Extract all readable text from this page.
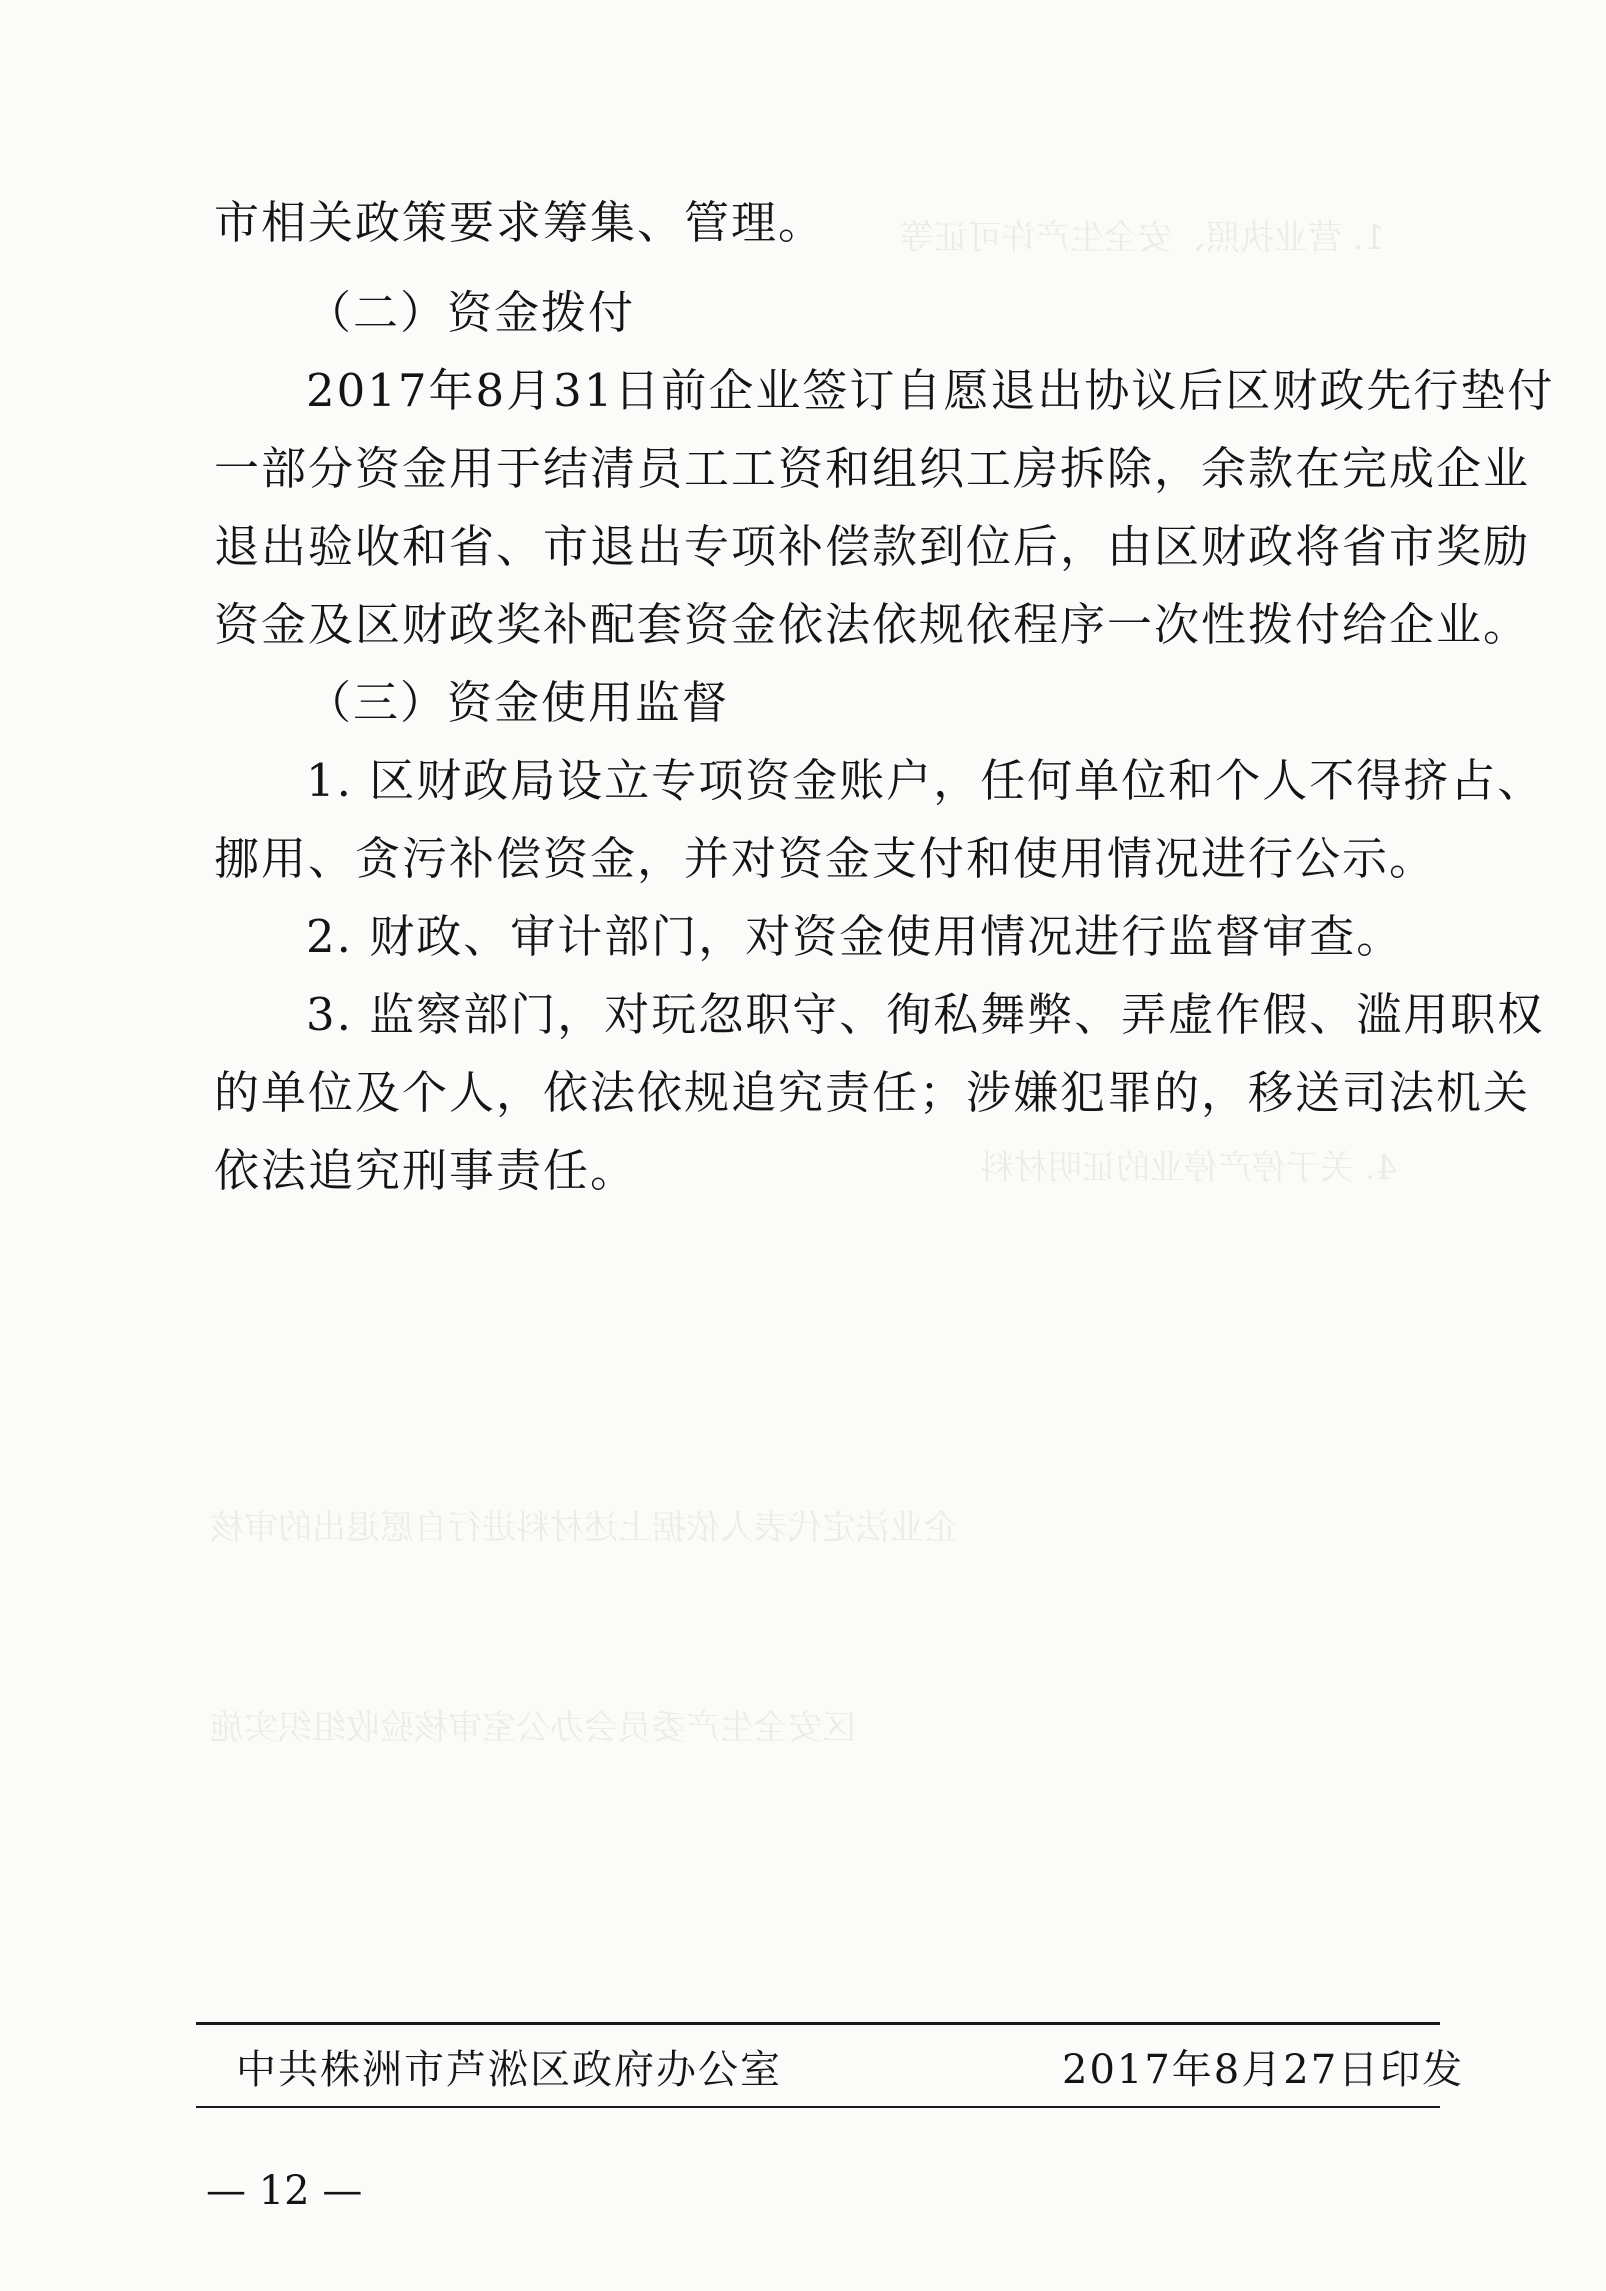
1. 营业执照、安全生产许可证等
4. 关于停产停业的证明材料
企业法定代表人依据上述材料进行自愿退出的审核
区安全生产委员会办公室审核验收组织实施
市相关政策要求筹集、管理。
（二）资金拨付
2017年8月31日前企业签订自愿退出协议后区财政先行垫付
一部分资金用于结清员工工资和组织工房拆除，余款在完成企业
退出验收和省、市退出专项补偿款到位后，由区财政将省市奖励
资金及区财政奖补配套资金依法依规依程序一次性拨付给企业。
（三）资金使用监督
1. 区财政局设立专项资金账户，任何单位和个人不得挤占、
挪用、贪污补偿资金，并对资金支付和使用情况进行公示。
2. 财政、审计部门，对资金使用情况进行监督审查。
3. 监察部门，对玩忽职守、徇私舞弊、弄虚作假、滥用职权
的单位及个人，依法依规追究责任；涉嫌犯罪的，移送司法机关
依法追究刑事责任。
中共株洲市芦淞区政府办公室	2017年8月27日印发
— 12 —
